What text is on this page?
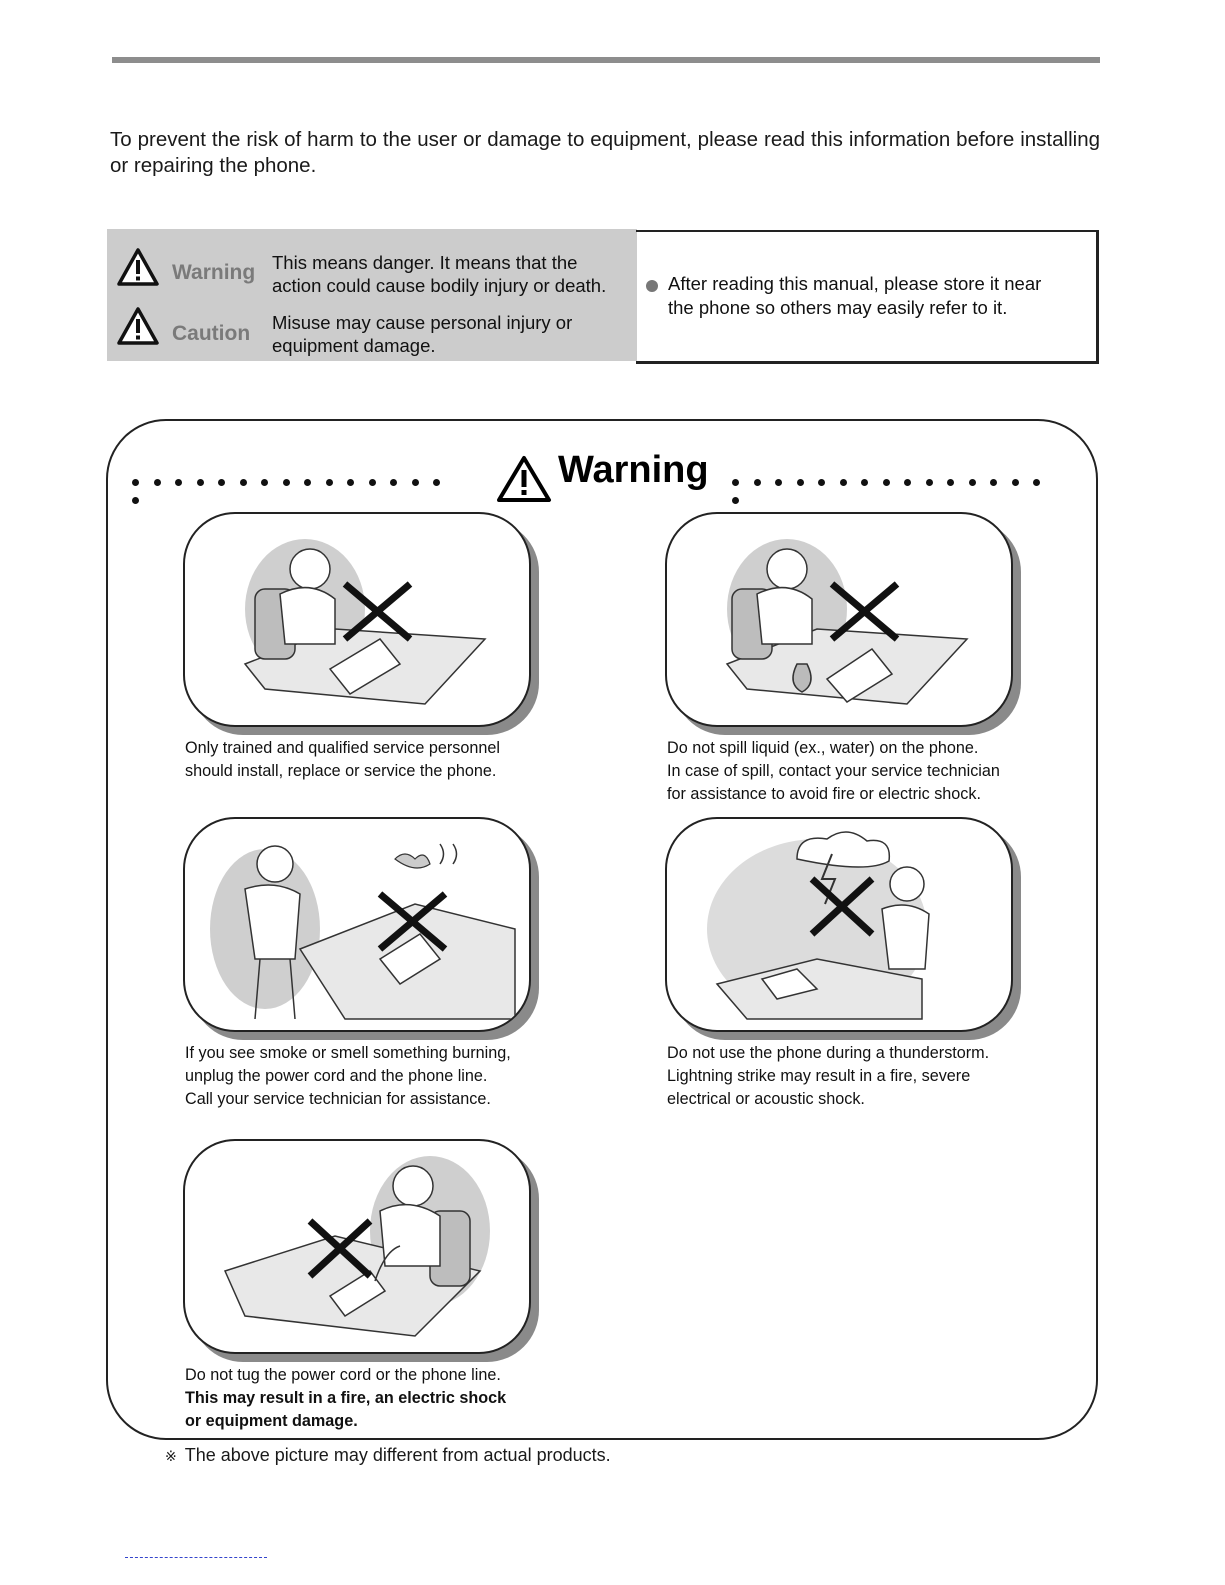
To prevent the risk of harm to the user or damage to equipment, please read this information before installing or repairing the phone.
Warning This means danger. It means that the
action could cause bodily injury or death.
Caution Misuse may cause personal injury or
equipment damage.
After reading this manual, please store it near
the phone so others may easily refer to it.
Warning
Only trained and qualified service personnel
should install, replace or service the phone.
Do not spill liquid (ex., water) on the phone.
In case of spill, contact your service technician
for assistance to avoid fire or electric shock.
If you see smoke or smell something burning,
unplug the power cord and the phone line.
Call your service technician for assistance.
Do not use the phone during a thunderstorm.
Lightning strike may result in a fire, severe
electrical or acoustic shock.
Do not tug the power cord or the phone line.
This may result in a fire, an electric shock
or equipment damage.
※ The above picture may different from actual products.
